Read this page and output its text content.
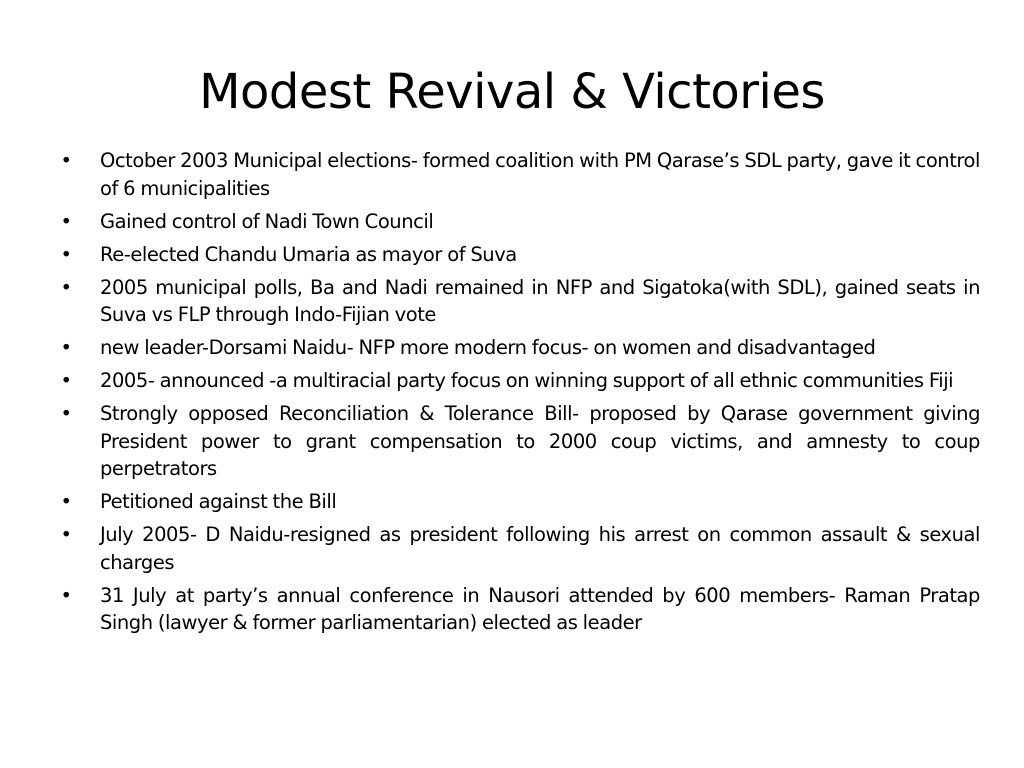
Modest Revival & Victories
• October 2003 Municipal elections- formed coalition with PM Qarase’s SDL party, gave it control of 6 municipalities
• Gained control of Nadi Town Council
• Re-elected Chandu Umaria as mayor of Suva
• 2005 municipal polls, Ba and Nadi remained in NFP and Sigatoka(with SDL), gained seats in Suva vs FLP through Indo-Fijian vote
• new leader-Dorsami Naidu- NFP more modern focus- on women and disadvantaged
• 2005- announced -a multiracial party focus on winning support of all ethnic communities Fiji
• Strongly opposed Reconciliation & Tolerance Bill- proposed by Qarase government giving President power to grant compensation to 2000 coup victims, and amnesty to coup perpetrators
• Petitioned against the Bill
• July 2005- D Naidu-resigned as president following his arrest on common assault & sexual charges
• 31 July at party’s annual conference in Nausori attended by 600 members- Raman Pratap Singh (lawyer & former parliamentarian) elected as leader
